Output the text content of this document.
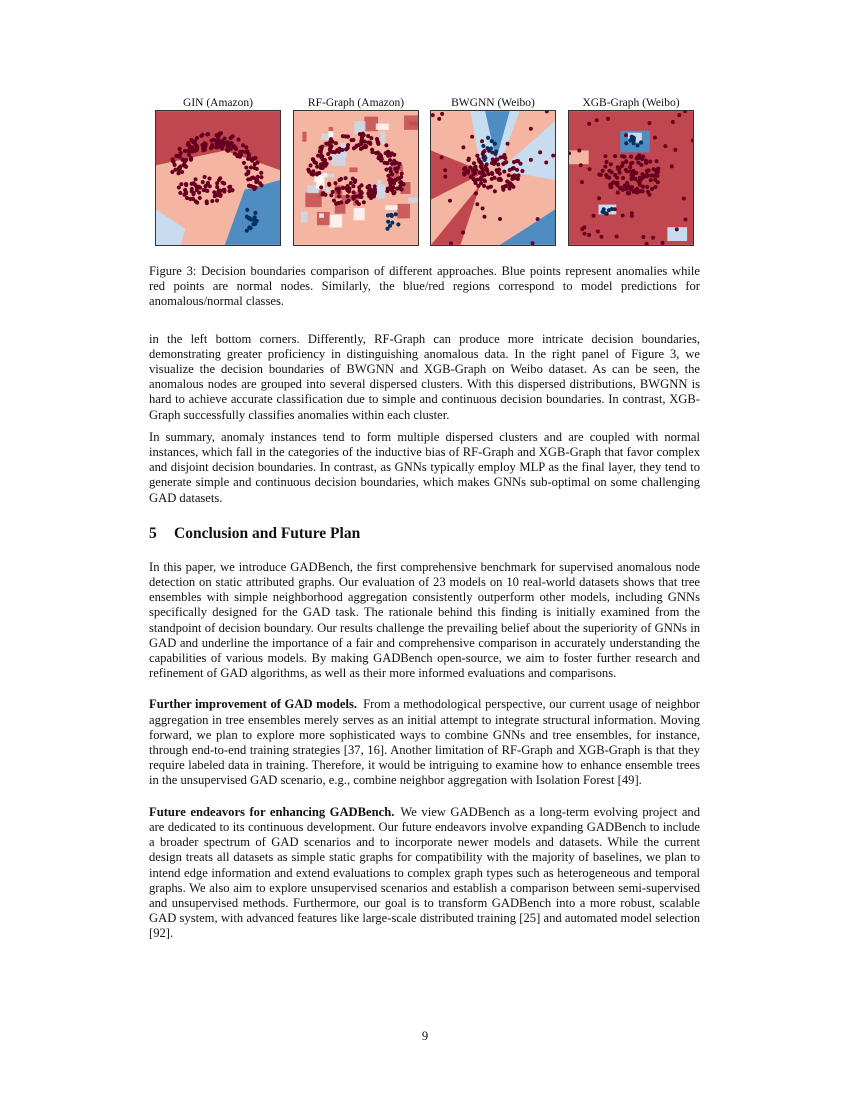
GIN (Amazon)	RF-Graph (Amazon)	BWGNN (Weibo)	XGB-Graph (Weibo)
Figure 3: Decision boundaries comparison of different approaches. Blue points represent anomalies while red points are normal nodes. Similarly, the blue/red regions correspond to model predictions for anomalous/normal classes.

in the left bottom corners. Differently, RF-Graph can produce more intricate decision boundaries, demonstrating greater proficiency in distinguishing anomalous data. In the right panel of Figure 3, we visualize the decision boundaries of BWGNN and XGB-Graph on Weibo dataset. As can be seen, the anomalous nodes are grouped into several dispersed clusters. With this dispersed distributions, BWGNN is hard to achieve accurate classification due to simple and continuous decision boundaries. In contrast, XGB-Graph successfully classifies anomalies within each cluster.

In summary, anomaly instances tend to form multiple dispersed clusters and are coupled with normal instances, which fall in the categories of the inductive bias of RF-Graph and XGB-Graph that favor complex and disjoint decision boundaries. In contrast, as GNNs typically employ MLP as the final layer, they tend to generate simple and continuous decision boundaries, which makes GNNs sub-optimal on some challenging GAD datasets.

5 Conclusion and Future Plan

In this paper, we introduce GADBench, the first comprehensive benchmark for supervised anomalous node detection on static attributed graphs. Our evaluation of 23 models on 10 real-world datasets shows that tree ensembles with simple neighborhood aggregation consistently outperform other models, including GNNs specifically designed for the GAD task. The rationale behind this finding is initially examined from the standpoint of decision boundary. Our results challenge the prevailing belief about the superiority of GNNs in GAD and underline the importance of a fair and comprehensive comparison in accurately understanding the capabilities of various models. By making GADBench open-source, we aim to foster further research and refinement of GAD algorithms, as well as their more informed evaluations and comparisons.

Further improvement of GAD models. From a methodological perspective, our current usage of neighbor aggregation in tree ensembles merely serves as an initial attempt to integrate structural information. Moving forward, we plan to explore more sophisticated ways to combine GNNs and tree ensembles, for instance, through end-to-end training strategies [37, 16]. Another limitation of RF-Graph and XGB-Graph is that they require labeled data in training. Therefore, it would be intriguing to examine how to enhance ensemble trees in the unsupervised GAD scenario, e.g., combine neighbor aggregation with Isolation Forest [49].

Future endeavors for enhancing GADBench. We view GADBench as a long-term evolving project and are dedicated to its continuous development. Our future endeavors involve expanding GADBench to include a broader spectrum of GAD scenarios and to incorporate newer models and datasets. While the current design treats all datasets as simple static graphs for compatibility with the majority of baselines, we plan to intend edge information and extend evaluations to complex graph types such as heterogeneous and temporal graphs. We also aim to explore unsupervised scenarios and establish a comparison between semi-supervised and unsupervised methods. Furthermore, our goal is to transform GADBench into a more robust, scalable GAD system, with advanced features like large-scale distributed training [25] and automated model selection [92].

9
